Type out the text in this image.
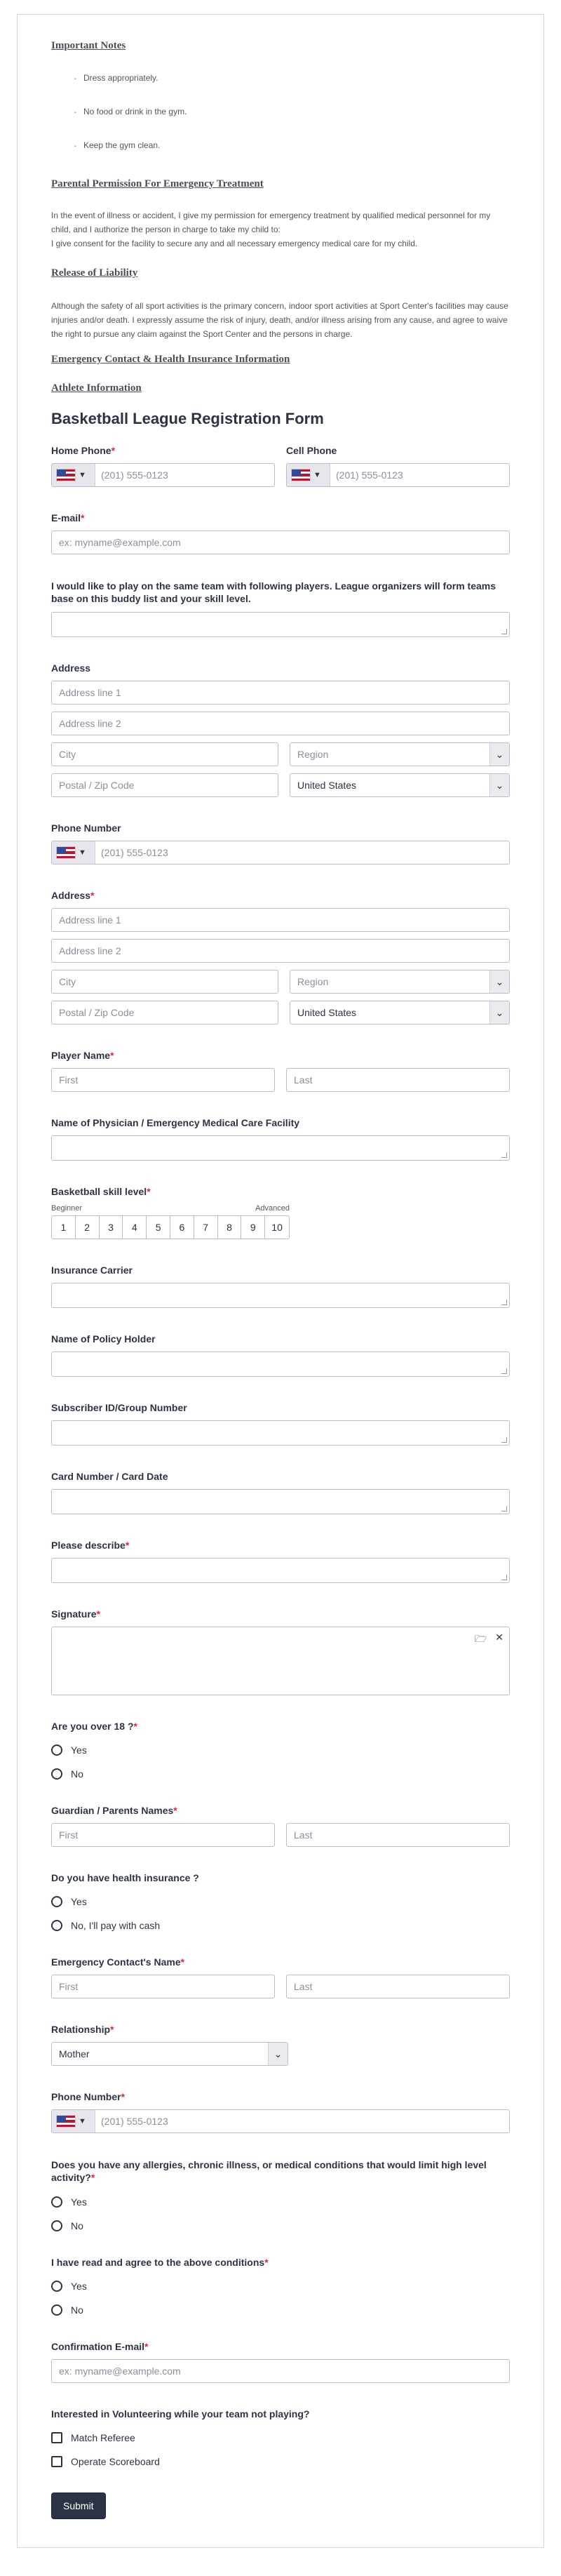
Important Notes
· Dress appropriately.
· No food or drink in the gym.
· Keep the gym clean.
Parental Permission For Emergency Treatment
In the event of illness or accident, I give my permission for emergency treatment by qualified medical personnel for my child, and I authorize the person in charge to take my child to:
I give consent for the facility to secure any and all necessary emergency medical care for my child.
Release of Liability
Although the safety of all sport activities is the primary concern, indoor sport activities at Sport Center's facilities may cause injuries and/or death. I expressly assume the risk of injury, death, and/or illness arising from any cause, and agree to waive the right to pursue any claim against the Sport Center and the persons in charge.
Emergency Contact & Health Insurance Information
Athlete Information
Basketball League Registration Form
Home Phone*
▼	(201) 555-0123
Cell Phone
▼	(201) 555-0123
E-mail*
ex: myname@example.com
I would like to play on the same team with following players. League organizers will form teams base on this buddy list and your skill level.
Address
Address line 1
Address line 2
City	Region	⌄
Postal / Zip Code	United States	⌄
Phone Number
▼	(201) 555-0123
Address*
Address line 1
Address line 2
City	Region	⌄
Postal / Zip Code	United States	⌄
Player Name*
First	Last
Name of Physician / Emergency Medical Care Facility
Basketball skill level*
Beginner	Advanced
1	2	3	4	5	6	7	8	9	10
Insurance Carrier
Name of Policy Holder
Subscriber ID/Group Number
Card Number / Card Date
Please describe*
Signature*
🗁 ✕
Are you over 18 ?*
Yes
No
Guardian / Parents Names*
First	Last
Do you have health insurance ?
Yes
No, I'll pay with cash
Emergency Contact's Name*
First	Last
Relationship*
Mother	⌄
Phone Number*
▼	(201) 555-0123
Does you have any allergies, chronic illness, or medical conditions that would limit high level activity?*
Yes
No
I have read and agree to the above conditions*
Yes
No
Confirmation E-mail*
ex: myname@example.com
Interested in Volunteering while your team not playing?
Match Referee
Operate Scoreboard
Submit
